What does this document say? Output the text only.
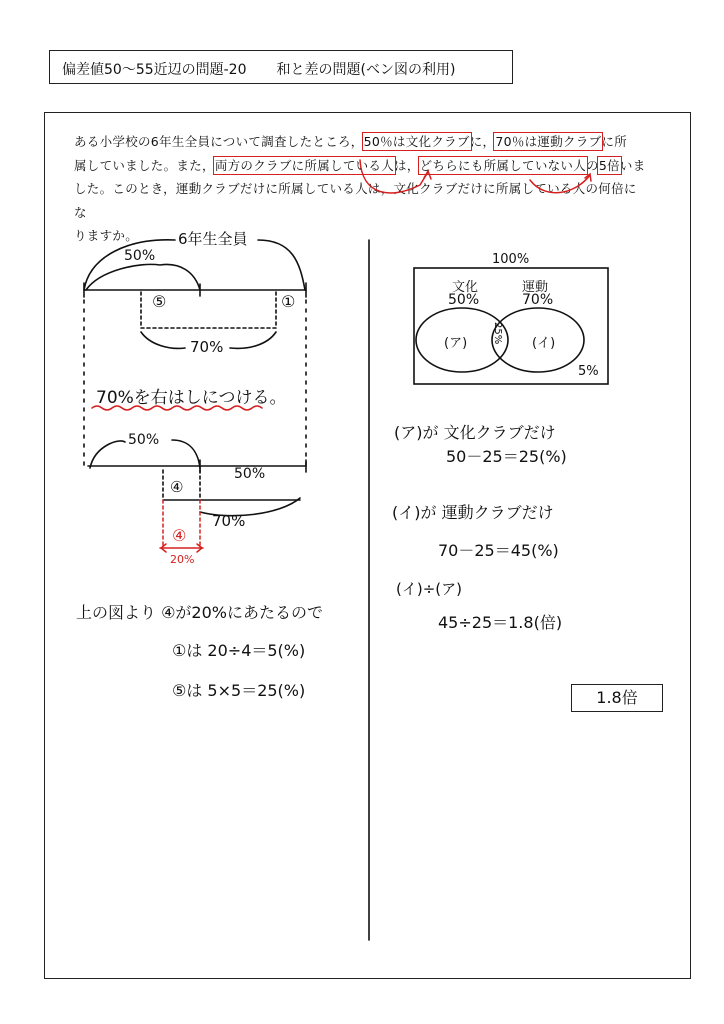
偏差値50～55近辺の問題-20 和と差の問題(ベン図の利用)

ある小学校の6年生全員について調査したところ，50％は文化クラブに，70％は運動クラブに所

属していました。また，両方のクラブに所属している人は，どちらにも所属していない人の5倍いま

した。このとき，運動クラブだけに所属している人は，文化クラブだけに所属している人の何倍にな

りますか。	6年生全員
50%
⑤	①
70%
70%を右はしにつける。
50%
50%
④
70%
④
20%
100%
文化
50%
運動
70%
25%
(ア)	(イ)
5%
(ア)が 文化クラブだけ
50－25＝25(%)
(イ)が 運動クラブだけ
70－25＝45(%)
(イ)÷(ア)
45÷25＝1.8(倍)
上の図より ④が20%にあたるので
①は 20÷4＝5(%)
⑤は 5×5＝25(%)	1.8倍
